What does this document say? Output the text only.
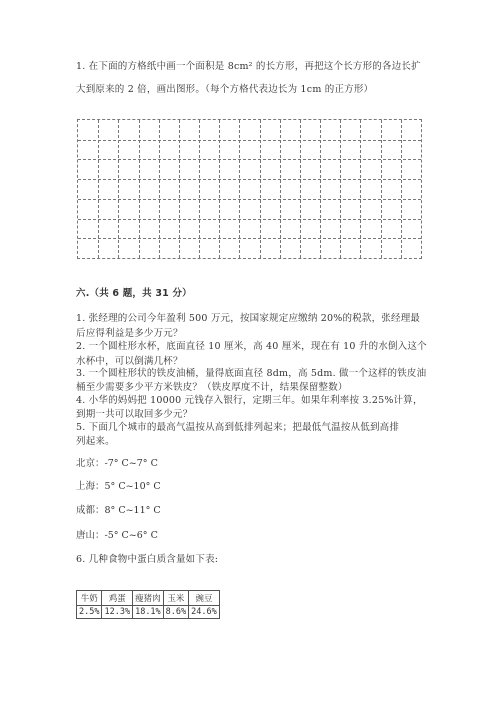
1. 在下面的方格纸中画一个面积是 8cm² 的长方形，再把这个长方形的各边长扩
大到原来的 2 倍，画出图形。（每个方格代表边长为 1cm 的正方形）
六.（共 6 题，共 31 分）
1. 张经理的公司今年盈利 500 万元，按国家规定应缴纳 20%的税款，张经理最
后应得利益是多少万元？
2. 一个圆柱形水杯，底面直径 10 厘米，高 40 厘米，现在有 10 升的水倒入这个
水杯中，可以倒满几杯？
3. 一个圆柱形状的铁皮油桶，量得底面直径 8dm，高 5dm. 做一个这样的铁皮油
桶至少需要多少平方米铁皮？（铁皮厚度不计，结果保留整数）
4. 小华的妈妈把 10000 元钱存入银行，定期三年。如果年利率按 3.25%计算，
到期一共可以取回多少元？
5. 下面几个城市的最高气温按从高到低排列起来；把最低气温按从低到高排
列起来。
北京：-7° C~7° C
上海：5° C~10° C
成都：8° C~11° C
唐山：-5° C~6° C
6. 几种食物中蛋白质含量如下表:
牛奶	鸡蛋	瘦猪肉	玉米	豌豆
2.5%	12.3%	18.1%	8.6%	24.6%
